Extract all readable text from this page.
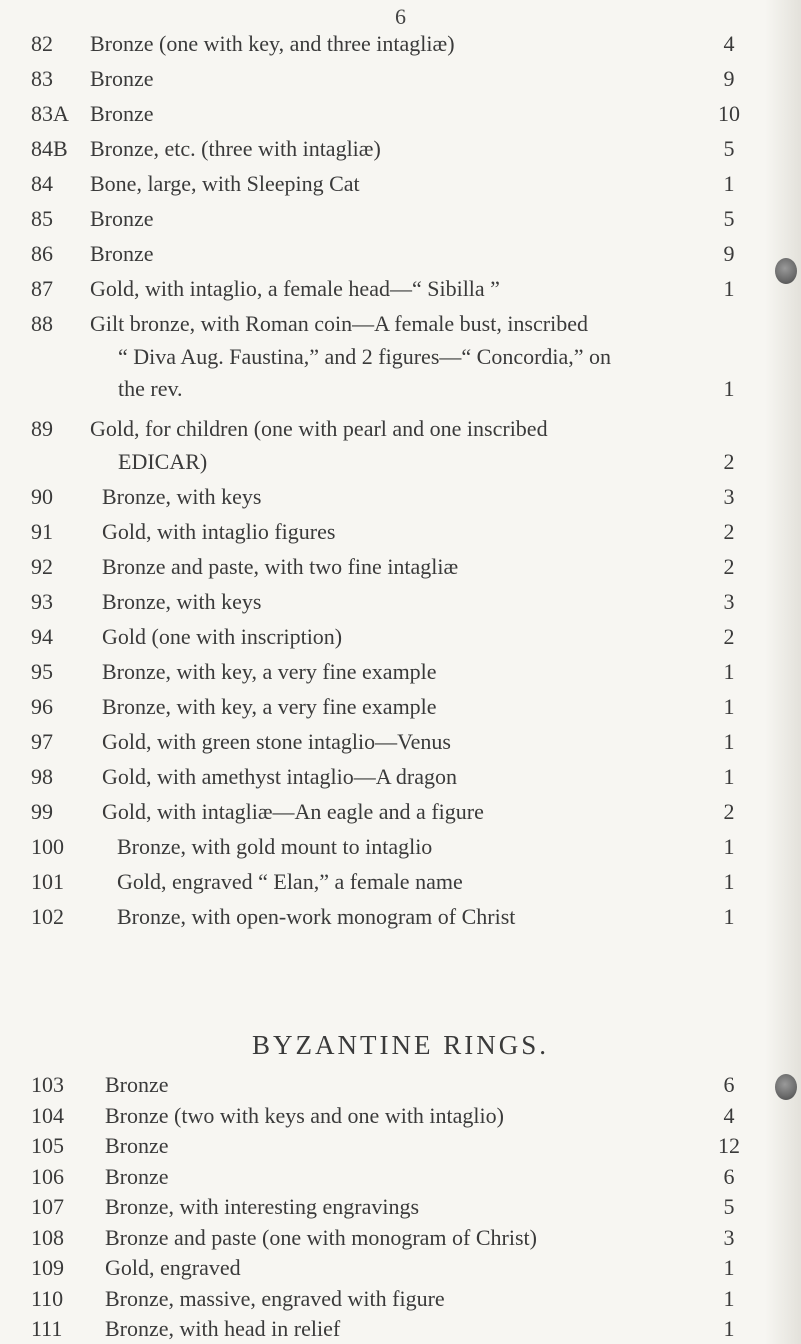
6
82 Bronze (one with key, and three intagliæ)	4
83 Bronze	9
83A Bronze	10
84B Bronze, etc. (three with intagliæ)	5
84 Bone, large, with Sleeping Cat	1
85 Bronze	5
86 Bronze	9
87 Gold, with intaglio, a female head—“ Sibilla ”	1
88 Gilt bronze, with Roman coin—A female bust, inscribed
“ Diva Aug. Faustina,” and 2 figures—“ Concordia,” on
the rev.	1
89 Gold, for children (one with pearl and one inscribed
EDICAR)	2
90 Bronze, with keys	3
91 Gold, with intaglio figures	2
92 Bronze and paste, with two fine intagliæ	2
93 Bronze, with keys	3
94 Gold (one with inscription)	2
95 Bronze, with key, a very fine example	1
96 Bronze, with key, a very fine example	1
97 Gold, with green stone intaglio—Venus	1
98 Gold, with amethyst intaglio—A dragon	1
99 Gold, with intagliæ—An eagle and a figure	2
100 Bronze, with gold mount to intaglio	1
101 Gold, engraved “ Elan,” a female name	1
102 Bronze, with open-work monogram of Christ	1
BYZANTINE RINGS.
103 Bronze	6
104 Bronze (two with keys and one with intaglio)	4
105 Bronze	12
106 Bronze	6
107 Bronze, with interesting engravings	5
108 Bronze and paste (one with monogram of Christ)	3
109 Gold, engraved	1
110 Bronze, massive, engraved with figure	1
111 Bronze, with head in relief	1
